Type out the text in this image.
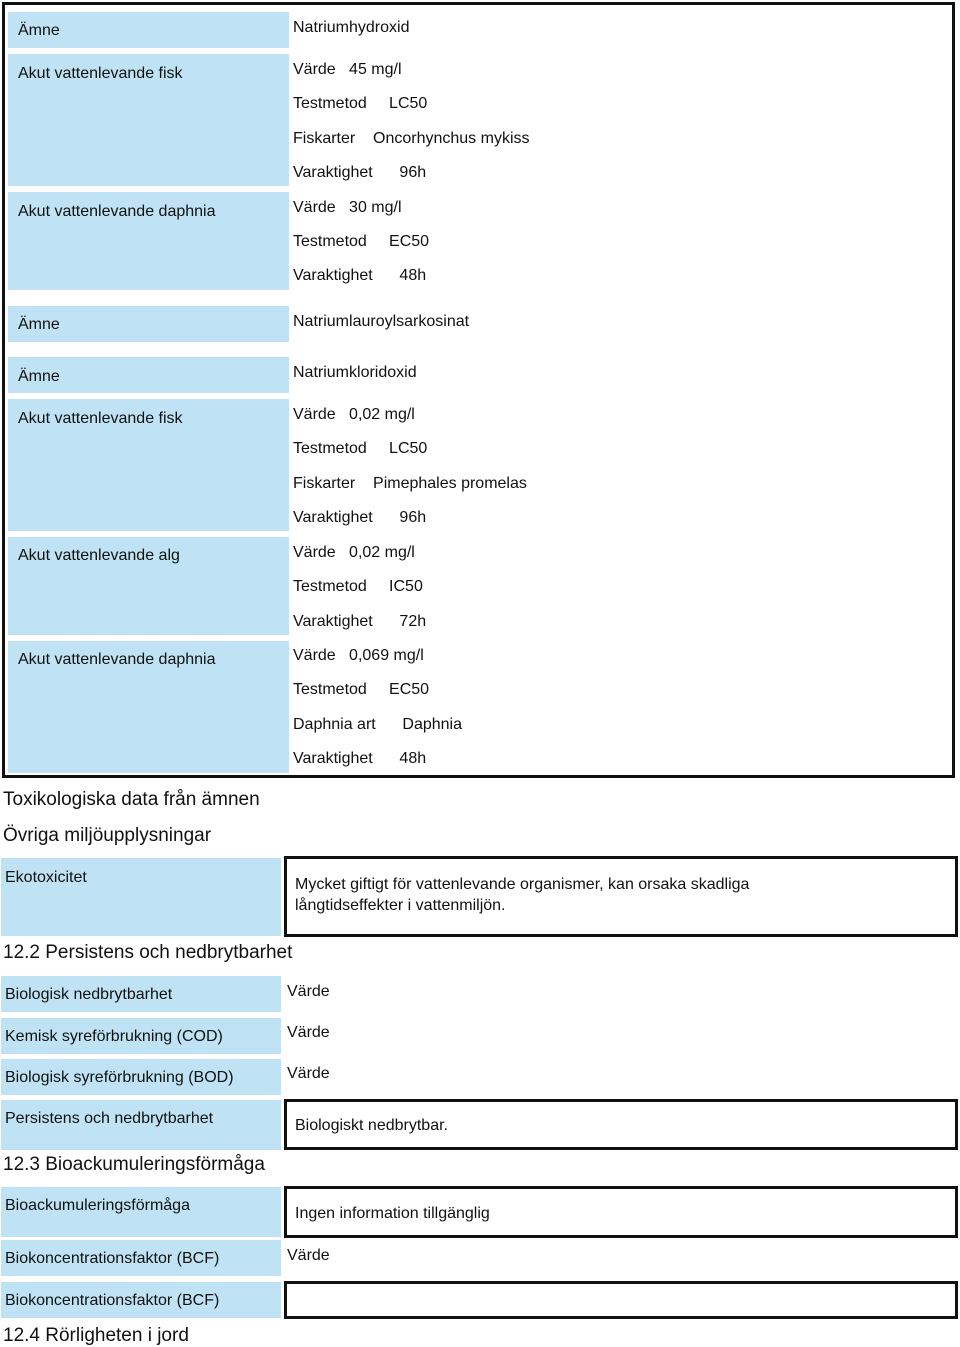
Ämne	Natriumhydroxid
Akut vattenlevande fisk	Värde 45 mg/l
Testmetod LC50
Fiskarter Oncorhynchus mykiss
Varaktighet 96h
Akut vattenlevande daphnia	Värde 30 mg/l
Testmetod EC50
Varaktighet 48h
Ämne	Natriumlauroylsarkosinat
Ämne	Natriumkloridoxid
Akut vattenlevande fisk	Värde 0,02 mg/l
Testmetod LC50
Fiskarter Pimephales promelas
Varaktighet 96h
Akut vattenlevande alg	Värde 0,02 mg/l
Testmetod IC50
Varaktighet 72h
Akut vattenlevande daphnia	Värde 0,069 mg/l
Testmetod EC50
Daphnia art Daphnia
Varaktighet 48h
Toxikologiska data från ämnen
Övriga miljöupplysningar
Ekotoxicitet	Mycket giftigt för vattenlevande organismer, kan orsaka skadliga
långtidseffekter i vattenmiljön.
12.2 Persistens och nedbrytbarhet
Biologisk nedbrytbarhet	Värde
Kemisk syreförbrukning (COD)	Värde
Biologisk syreförbrukning (BOD)	Värde
Persistens och nedbrytbarhet	Biologiskt nedbrytbar.
12.3 Bioackumuleringsförmåga
Bioackumuleringsförmåga	Ingen information tillgänglig
Biokoncentrationsfaktor (BCF)	Värde
Biokoncentrationsfaktor (BCF)
12.4 Rörligheten i jord
